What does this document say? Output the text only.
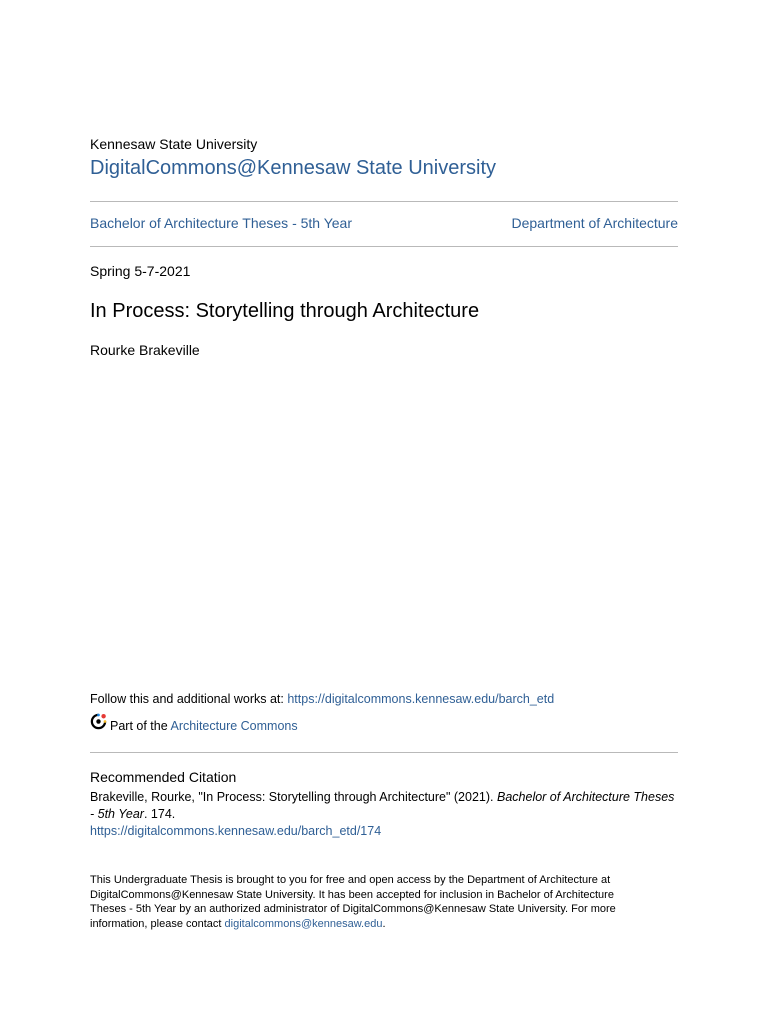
Kennesaw State University
DigitalCommons@Kennesaw State University
Bachelor of Architecture Theses - 5th Year	Department of Architecture
Spring 5-7-2021
In Process: Storytelling through Architecture
Rourke Brakeville
Follow this and additional works at: https://digitalcommons.kennesaw.edu/barch_etd
Part of the Architecture Commons
Recommended Citation
Brakeville, Rourke, "In Process: Storytelling through Architecture" (2021). Bachelor of Architecture Theses - 5th Year. 174.
https://digitalcommons.kennesaw.edu/barch_etd/174
This Undergraduate Thesis is brought to you for free and open access by the Department of Architecture at DigitalCommons@Kennesaw State University. It has been accepted for inclusion in Bachelor of Architecture Theses - 5th Year by an authorized administrator of DigitalCommons@Kennesaw State University. For more information, please contact digitalcommons@kennesaw.edu.
